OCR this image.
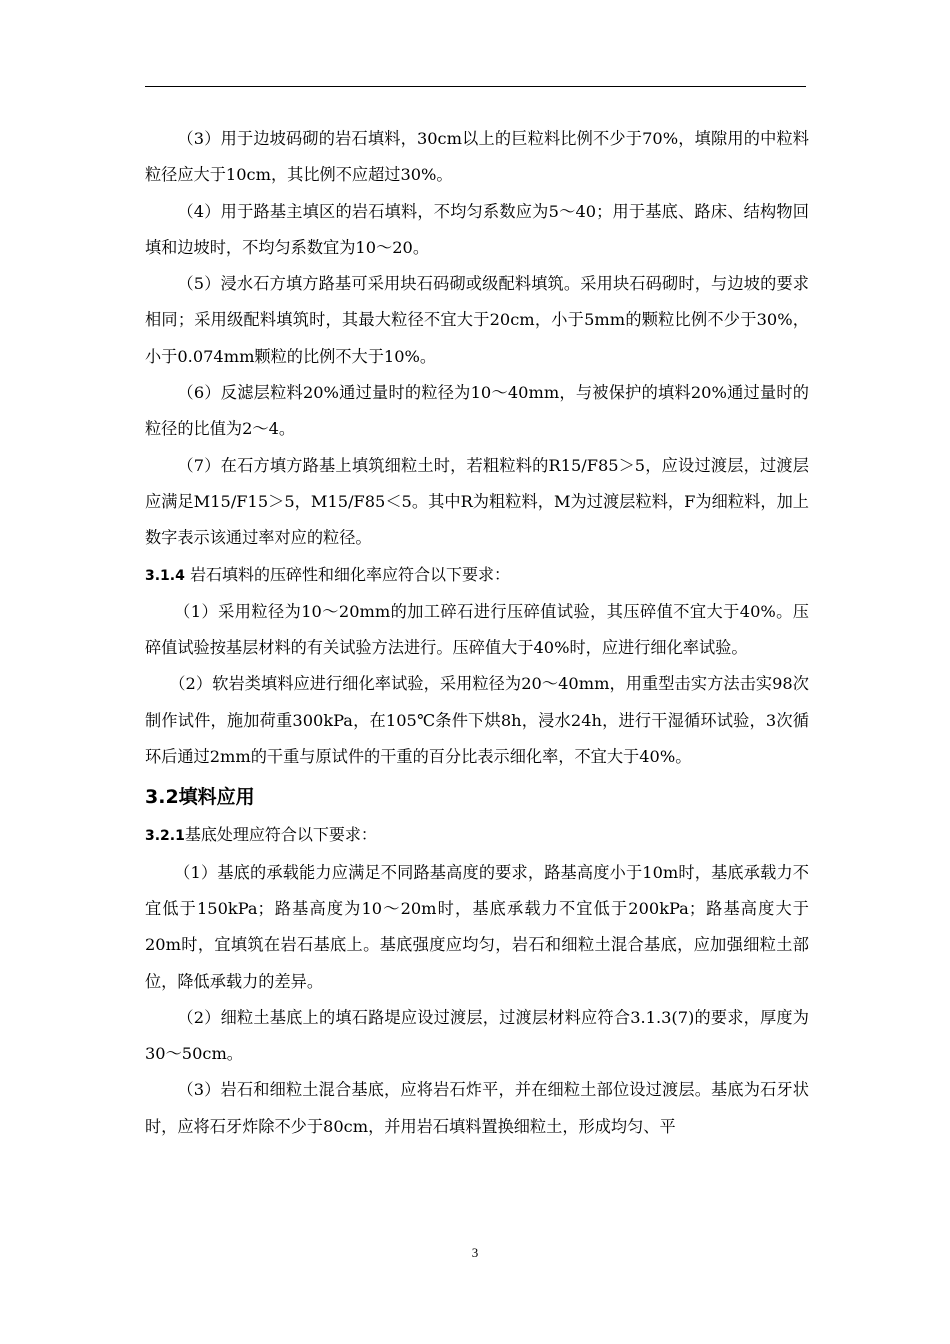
（3）用于边坡码砌的岩石填料，30cm以上的巨粒料比例不少于70%，填隙用的中粒料粒径应大于10cm，其比例不应超过30%。

（4）用于路基主填区的岩石填料，不均匀系数应为5～40；用于基底、路床、结构物回填和边坡时，不均匀系数宜为10～20。

（5）浸水石方填方路基可采用块石码砌或级配料填筑。采用块石码砌时，与边坡的要求相同；采用级配料填筑时，其最大粒径不宜大于20cm，小于5mm的颗粒比例不少于30%，小于0.074mm颗粒的比例不大于10%。

（6）反滤层粒料20%通过量时的粒径为10～40mm，与被保护的填料20%通过量时的粒径的比值为2～4。

（7）在石方填方路基上填筑细粒土时，若粗粒料的R15/F85＞5，应设过渡层，过渡层应满足M15/F15＞5，M15/F85＜5。其中R为粗粒料，M为过渡层粒料，F为细粒料，加上数字表示该通过率对应的粒径。

3.1.4 岩石填料的压碎性和细化率应符合以下要求：

（1）采用粒径为10～20mm的加工碎石进行压碎值试验，其压碎值不宜大于40%。压碎值试验按基层材料的有关试验方法进行。压碎值大于40%时，应进行细化率试验。

（2）软岩类填料应进行细化率试验，采用粒径为20～40mm，用重型击实方法击实98次制作试件，施加荷重300kPa，在105℃条件下烘8h，浸水24h，进行干湿循环试验，3次循环后通过2mm的干重与原试件的干重的百分比表示细化率，不宜大于40%。

3.2填料应用

3.2.1基底处理应符合以下要求：

（1）基底的承载能力应满足不同路基高度的要求，路基高度小于10m时，基底承载力不宜低于150kPa；路基高度为10～20m时，基底承载力不宜低于200kPa；路基高度大于20m时，宜填筑在岩石基底上。基底强度应均匀，岩石和细粒土混合基底，应加强细粒土部位，降低承载力的差异。

（2）细粒土基底上的填石路堤应设过渡层，过渡层材料应符合3.1.3(7)的要求，厚度为30～50cm。

（3）岩石和细粒土混合基底，应将岩石炸平，并在细粒土部位设过渡层。基底为石牙状时，应将石牙炸除不少于80cm，并用岩石填料置换细粒土，形成均匀、平

3
